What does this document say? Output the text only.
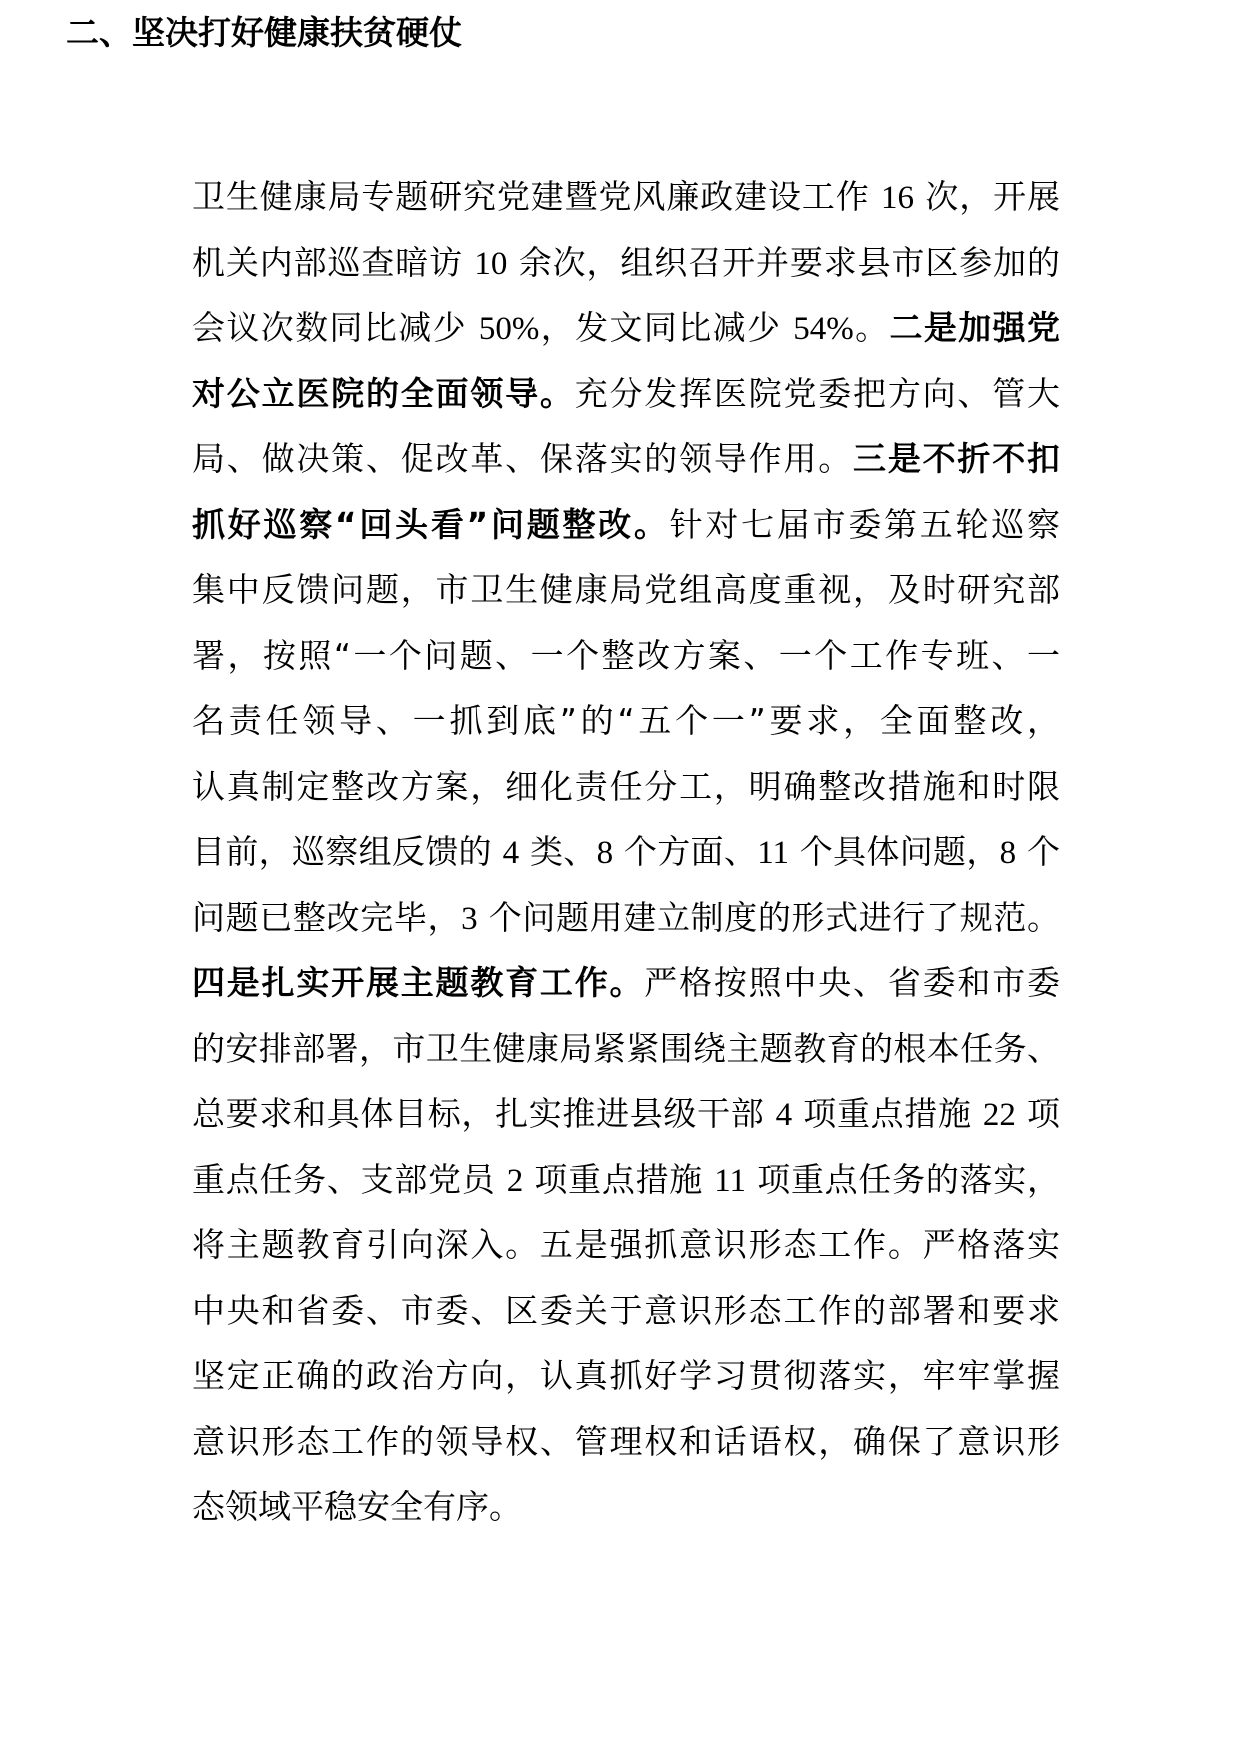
卫生健康局专题研究党建暨党风廉政建设工作 16 次，开展
机关内部巡查暗访 10 余次，组织召开并要求县市区参加的
会议次数同比减少 50%，发文同比减少 54%。二是加强党
对公立医院的全面领导。充分发挥医院党委把方向、管大
局、做决策、促改革、保落实的领导作用。三是不折不扣
抓好巡察“回头看”问题整改。针对七届市委第五轮巡察
集中反馈问题，市卫生健康局党组高度重视，及时研究部
署，按照“一个问题、一个整改方案、一个工作专班、一
名责任领导、一抓到底”的“五个一”要求，全面整改，
认真制定整改方案，细化责任分工，明确整改措施和时限
目前，巡察组反馈的 4 类、8 个方面、11 个具体问题，8 个
问题已整改完毕，3 个问题用建立制度的形式进行了规范。
四是扎实开展主题教育工作。严格按照中央、省委和市委
的安排部署，市卫生健康局紧紧围绕主题教育的根本任务、
总要求和具体目标，扎实推进县级干部 4 项重点措施 22 项
重点任务、支部党员 2 项重点措施 11 项重点任务的落实，
将主题教育引向深入。五是强抓意识形态工作。严格落实
中央和省委、市委、区委关于意识形态工作的部署和要求
坚定正确的政治方向，认真抓好学习贯彻落实，牢牢掌握
意识形态工作的领导权、管理权和话语权，确保了意识形
态领域平稳安全有序。
二、坚决打好健康扶贫硬仗
